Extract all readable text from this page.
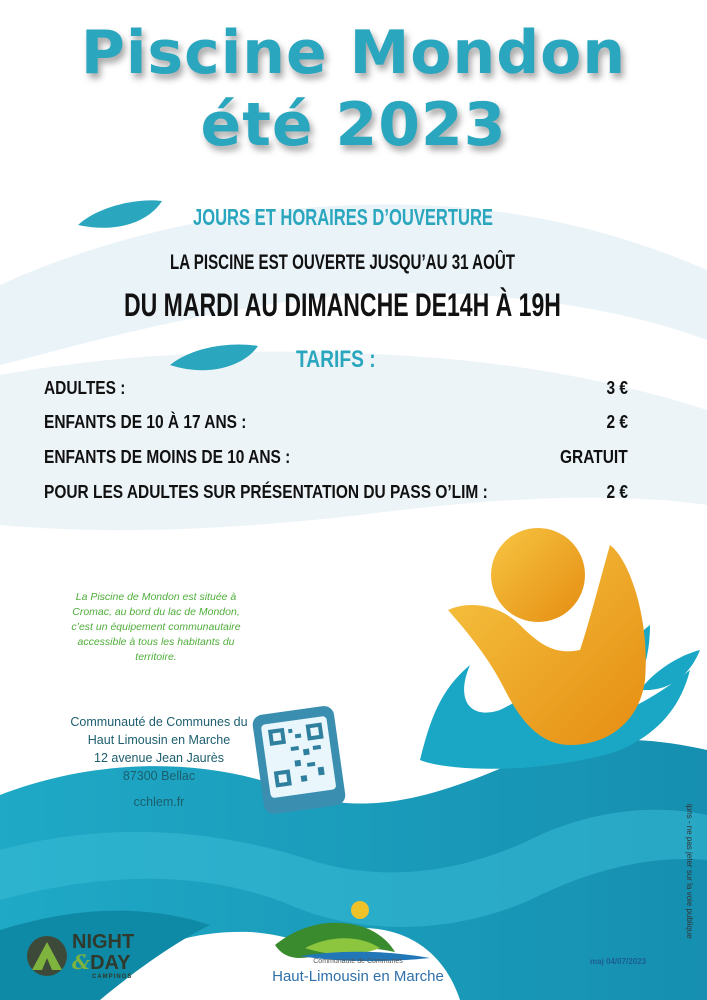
Piscine Mondon
été 2023
JOURS ET HORAIRES D’OUVERTURE
LA PISCINE EST OUVERTE JUSQU’AU 31 AOÛT
DU MARDI AU DIMANCHE DE14H À 19H
TARIFS :
ADULTES :	3 €
ENFANTS DE 10 À 17 ANS :	2 €
ENFANTS DE MOINS DE 10 ANS :	GRATUIT
POUR LES ADULTES SUR PRÉSENTATION DU PASS O’LIM :	2 €
La Piscine de Mondon est située à
Cromac, au bord du lac de Mondon,
c’est un équipement communautaire
accessible à tous les habitants du
territoire.
Communauté de Communes du
Haut Limousin en Marche
12 avenue Jean Jaurès
87300 Bellac
cchlem.fr
NIGHT
&DAY
CAMPINGS
Communauté de Communes
Haut-Limousin en Marche
maj 04/07/2023
ipns - ne pas jeter sur la voie publique
